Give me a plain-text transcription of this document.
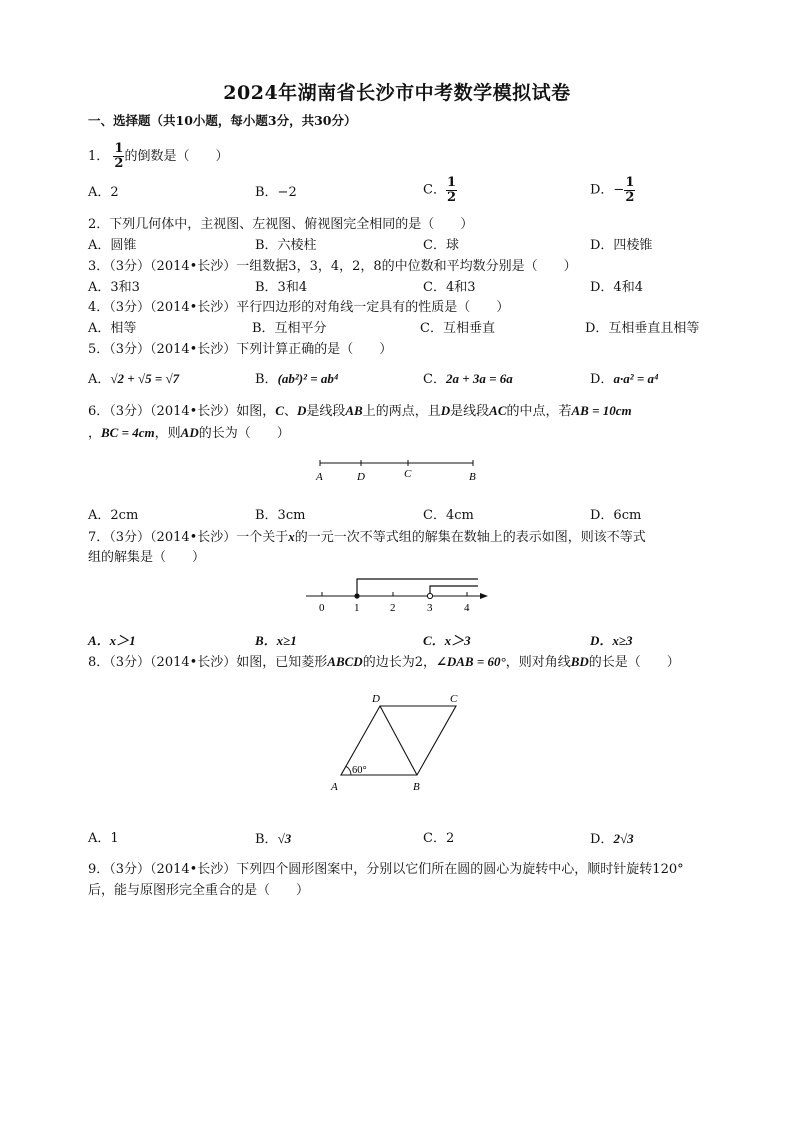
2024年湖南省长沙市中考数学模拟试卷
一、选择题（共10小题，每小题3分，共30分）
1． $\frac{1}{2}$ 的倒数是（　　）
A．2	B．−2	C． $\frac{1}{2}$	D．− $\frac{1}{2}$
2．下列几何体中，主视图、左视图、俯视图完全相同的是（　　）
A．圆锥	B．六棱柱	C．球	D．四棱锥
3．（3分）（2014•长沙）一组数据3，3，4，2，8的中位数和平均数分别是（　　）
A．3和3	B．3和4	C．4和3	D．4和4
4．（3分）（2014•长沙）平行四边形的对角线一定具有的性质是（　　）
A．相等	B．互相平分	C．互相垂直	D．互相垂直且相等
5．（3分）（2014•长沙）下列计算正确的是（　　）
A．√2 + √5 = √7	B．(ab²)² = ab⁴	C．2a + 3a = 6a	D．a·a² = a⁴
6．（3分）（2014•长沙）如图，C、D是线段AB上的两点，且D是线段AC的中点，若AB = 10cm
，BC = 4cm，则AD的长为（　　）
A	D	C	B
A．2cm	B．3cm	C．4cm	D．6cm
7．（3分）（2014•长沙）一个关于x的一元一次不等式组的解集在数轴上的表示如图，则该不等式
组的解集是（　　）
0	1	2	3	4
A．x＞1	B．x≥1	C．x＞3	D．x≥3
8．（3分）（2014•长沙）如图，已知菱形ABCD的边长为2，∠DAB = 60°，则对角线BD的长是（　　）
60°
A	B
C
D
A．1	B．√3	C．2	D．2√3
9．（3分）（2014•长沙）下列四个圆形图案中，分别以它们所在圆的圆心为旋转中心，顺时针旋转120°
后，能与原图形完全重合的是（　　）
